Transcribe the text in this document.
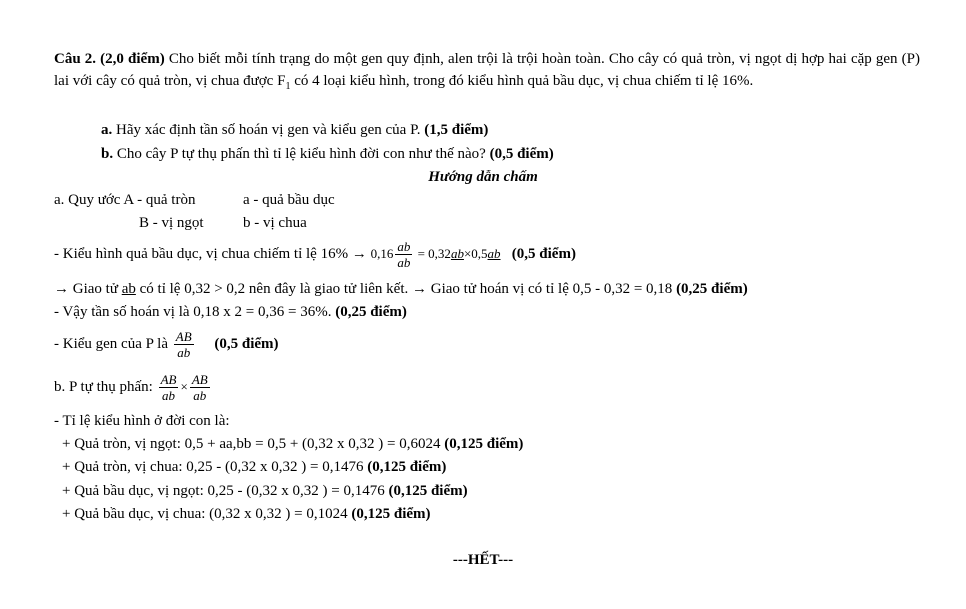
Câu 2. (2,0 điểm) Cho biết mỗi tính trạng do một gen quy định, alen trội là trội hoàn toàn. Cho cây có quả tròn, vị ngọt dị hợp hai cặp gen (P) lai với cây có quả tròn, vị chua được $F_1$ có 4 loại kiểu hình, trong đó kiểu hình quả bầu dục, vị chua chiếm tỉ lệ 16%.
a. Hãy xác định tần số hoán vị gen và kiểu gen của P. (1,5 điểm)
b. Cho cây P tự thụ phấn thì tỉ lệ kiểu hình đời con như thế nào? (0,5 điểm)
Hướng dẫn chấm
a. Quy ước A - quả tròn	a - quả bầu dục
B - vị ngọt	b - vị chua
- Kiểu hình quả bầu dục, vị chua chiếm tỉ lệ $16\% \to 0,16 \frac{ab}{ab} = 0,32ab\times 0,5ab$ (0,5 điểm)
→ Giao tử ab có tỉ lệ 0,32 > 0,2 nên đây là giao tử liên kết. → Giao tử hoán vị có tỉ lệ 0,5 - 0,32 = 0,18 (0,25 điểm)
- Vậy tần số hoán vị là 0,18 x 2 = 0,36 = 36%. (0,25 điểm)
- Kiểu gen của P là $\frac{AB}{ab} (0,5$ điểm)
b. P tự thụ phấn: $\frac{AB}{ab} \times \frac{AB}{ab}$
- Tỉ lệ kiểu hình ở đời con là:
+ Quả tròn, vị ngọt: 0,5 + aa,bb = 0,5 + (0,32 x 0,32 ) = 0,6024 (0,125 điểm)
+ Quả tròn, vị chua: 0,25 - (0,32 x 0,32 ) = 0,1476 (0,125 điểm)
+ Quả bầu dục, vị ngọt: 0,25 - (0,32 x 0,32 ) = 0,1476 (0,125 điểm)
+ Quả bầu dục, vị chua: (0,32 x 0,32 ) = 0,1024 (0,125 điểm)
---HẾT---
